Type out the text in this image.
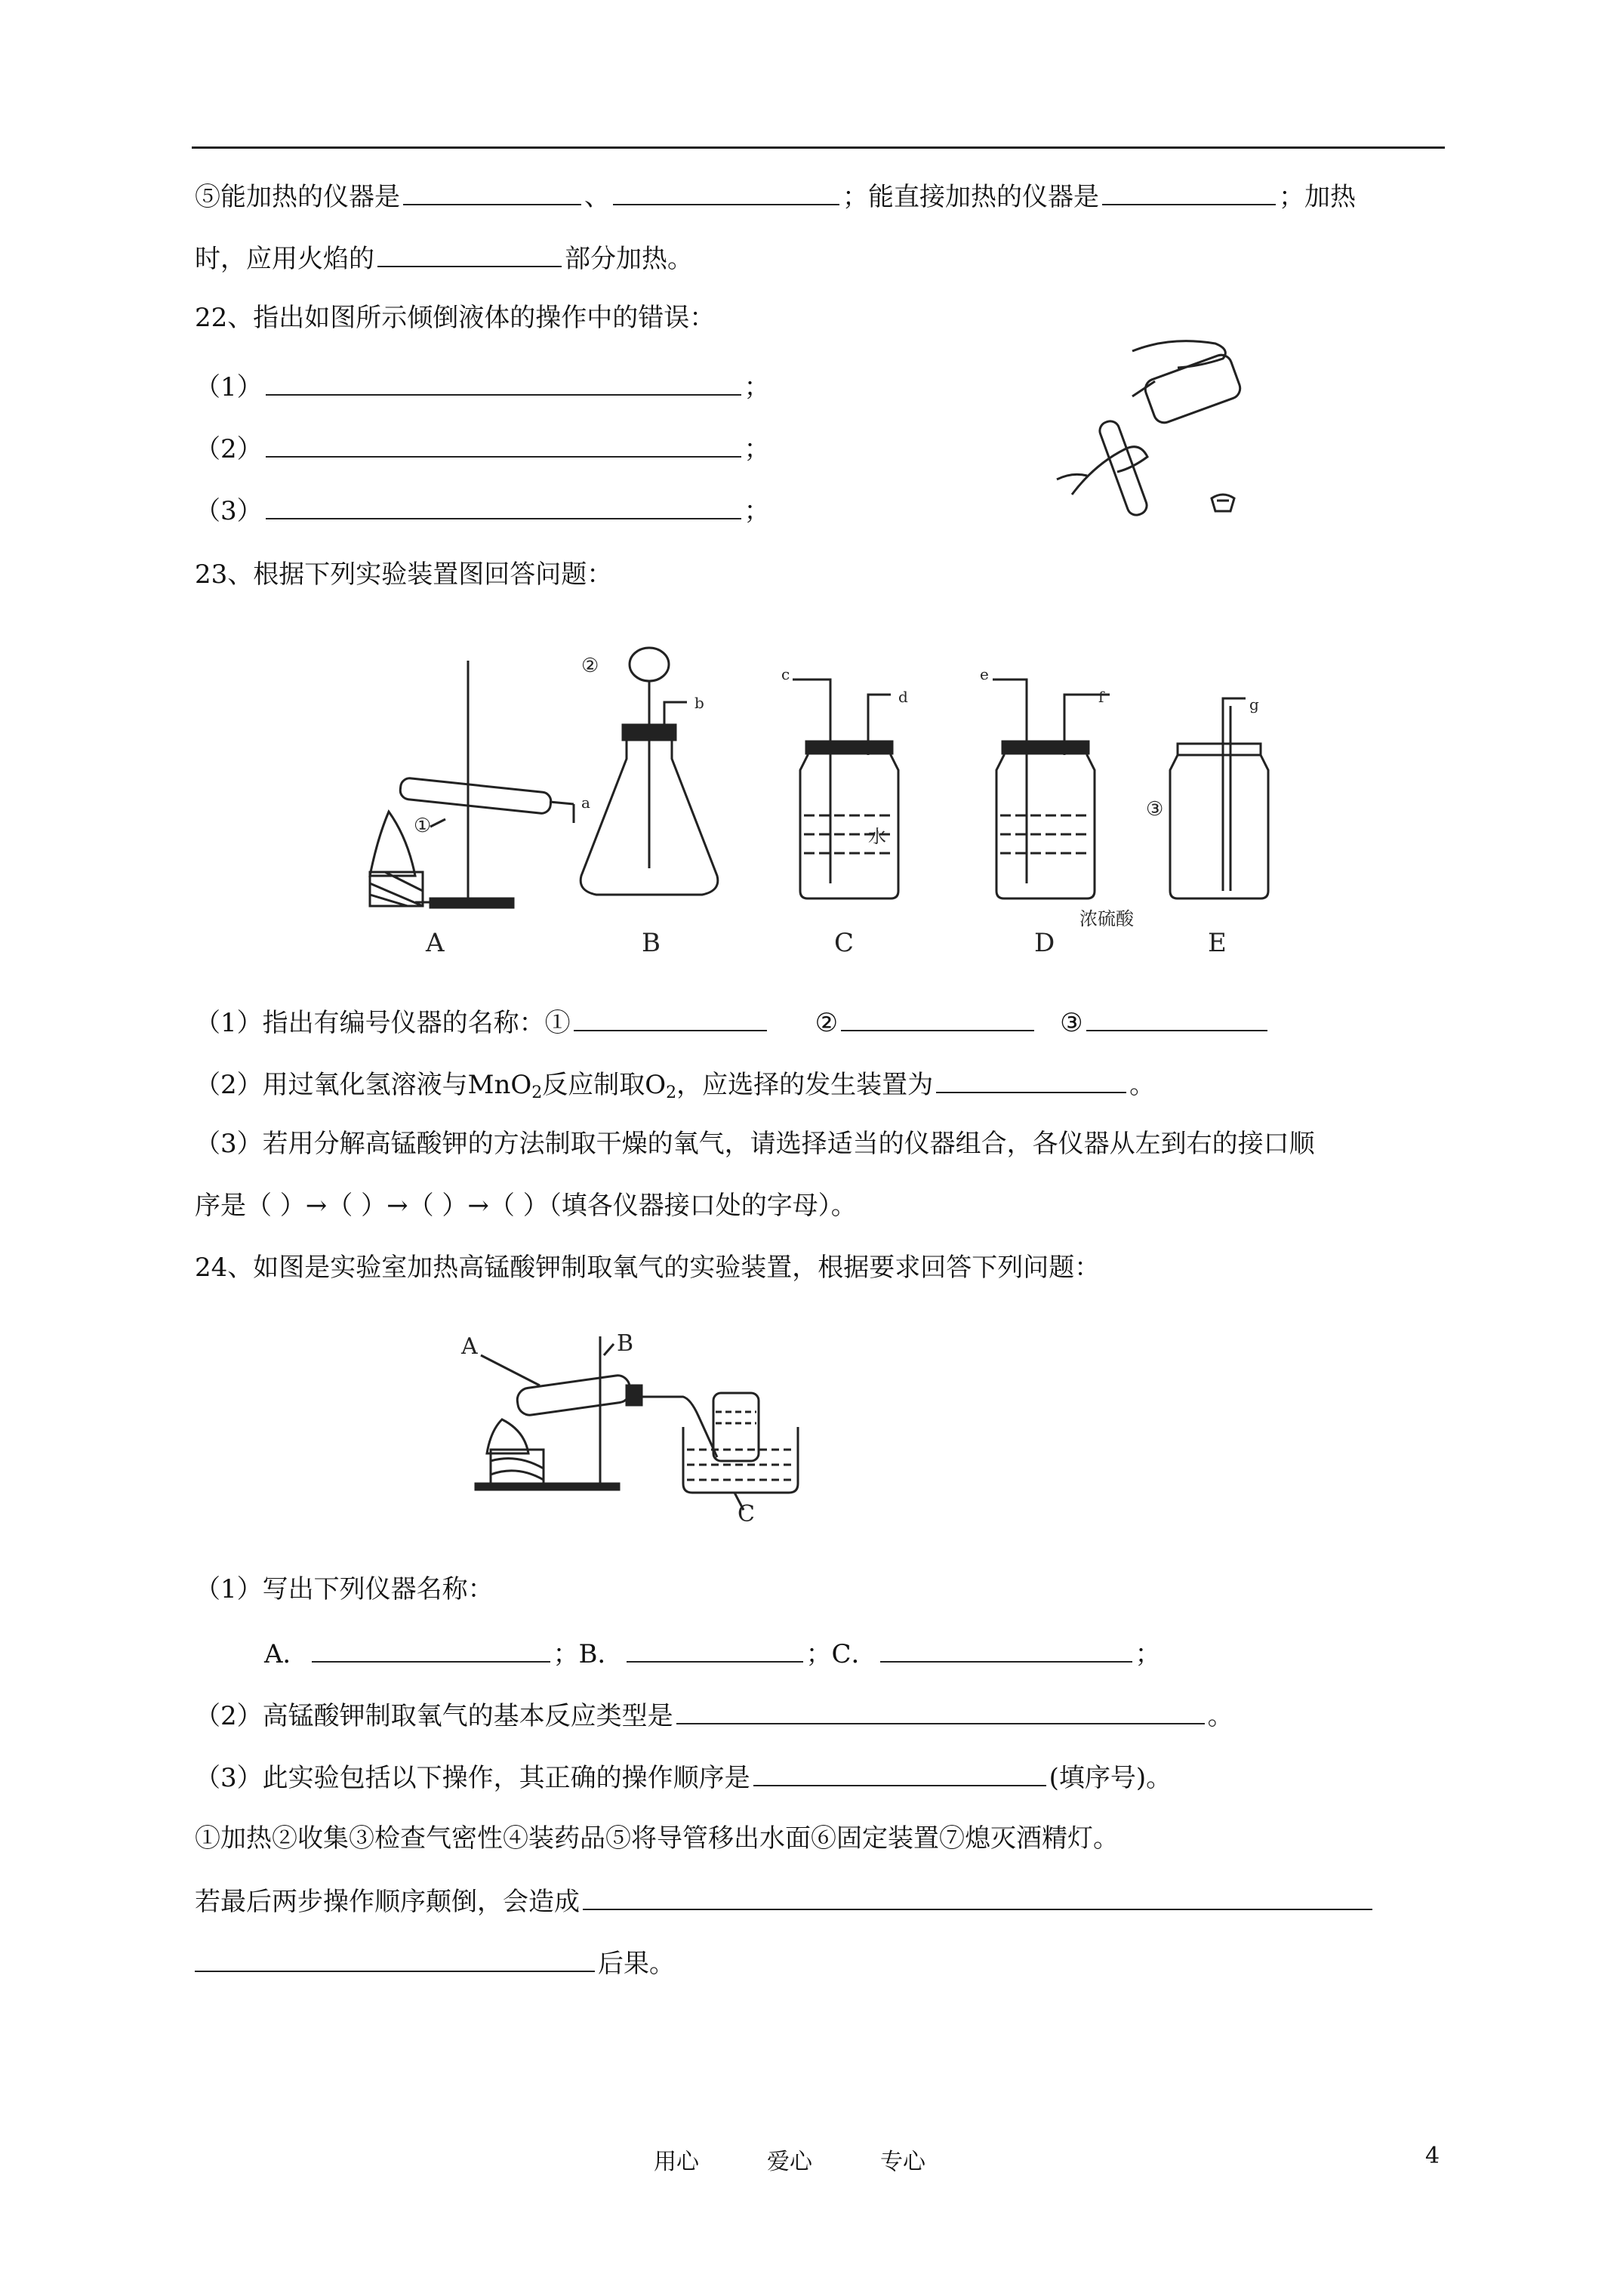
⑤能加热的仪器是	、	；能直接加热的仪器是	；加热
时，应用火焰的	部分加热。
22、指出如图所示倾倒液体的操作中的错误：
（1）	；
（2）	；
（3）	；
23、根据下列实验装置图回答问题：
①
a
A
②
b
B
c
d
水
C
e
f
浓硫酸
D
g
③
E
（1）指出有编号仪器的名称：①	②	③
（2）用过氧化氢溶液与MnO$_2$反应制取$O_2$，应选择的发生装置为	。
（3）若用分解高锰酸钾的方法制取干燥的氧气，请选择适当的仪器组合，各仪器从左到右的接口顺
序是（ ）→（ ）→（ ）→（ ）（填各仪器接口处的字母）。
24、如图是实验室加热高锰酸钾制取氧气的实验装置，根据要求回答下列问题：
A	B
C
（1）写出下列仪器名称：
A．	；B．	；C．	；
（2）高锰酸钾制取氧气的基本反应类型是	。
（3）此实验包括以下操作，其正确的操作顺序是	(填序号)。
①加热②收集③检查气密性④装药品⑤将导管移出水面⑥固定装置⑦熄灭酒精灯。
若最后两步操作顺序颠倒，会造成
后果。
用心	爱心	专心	4
